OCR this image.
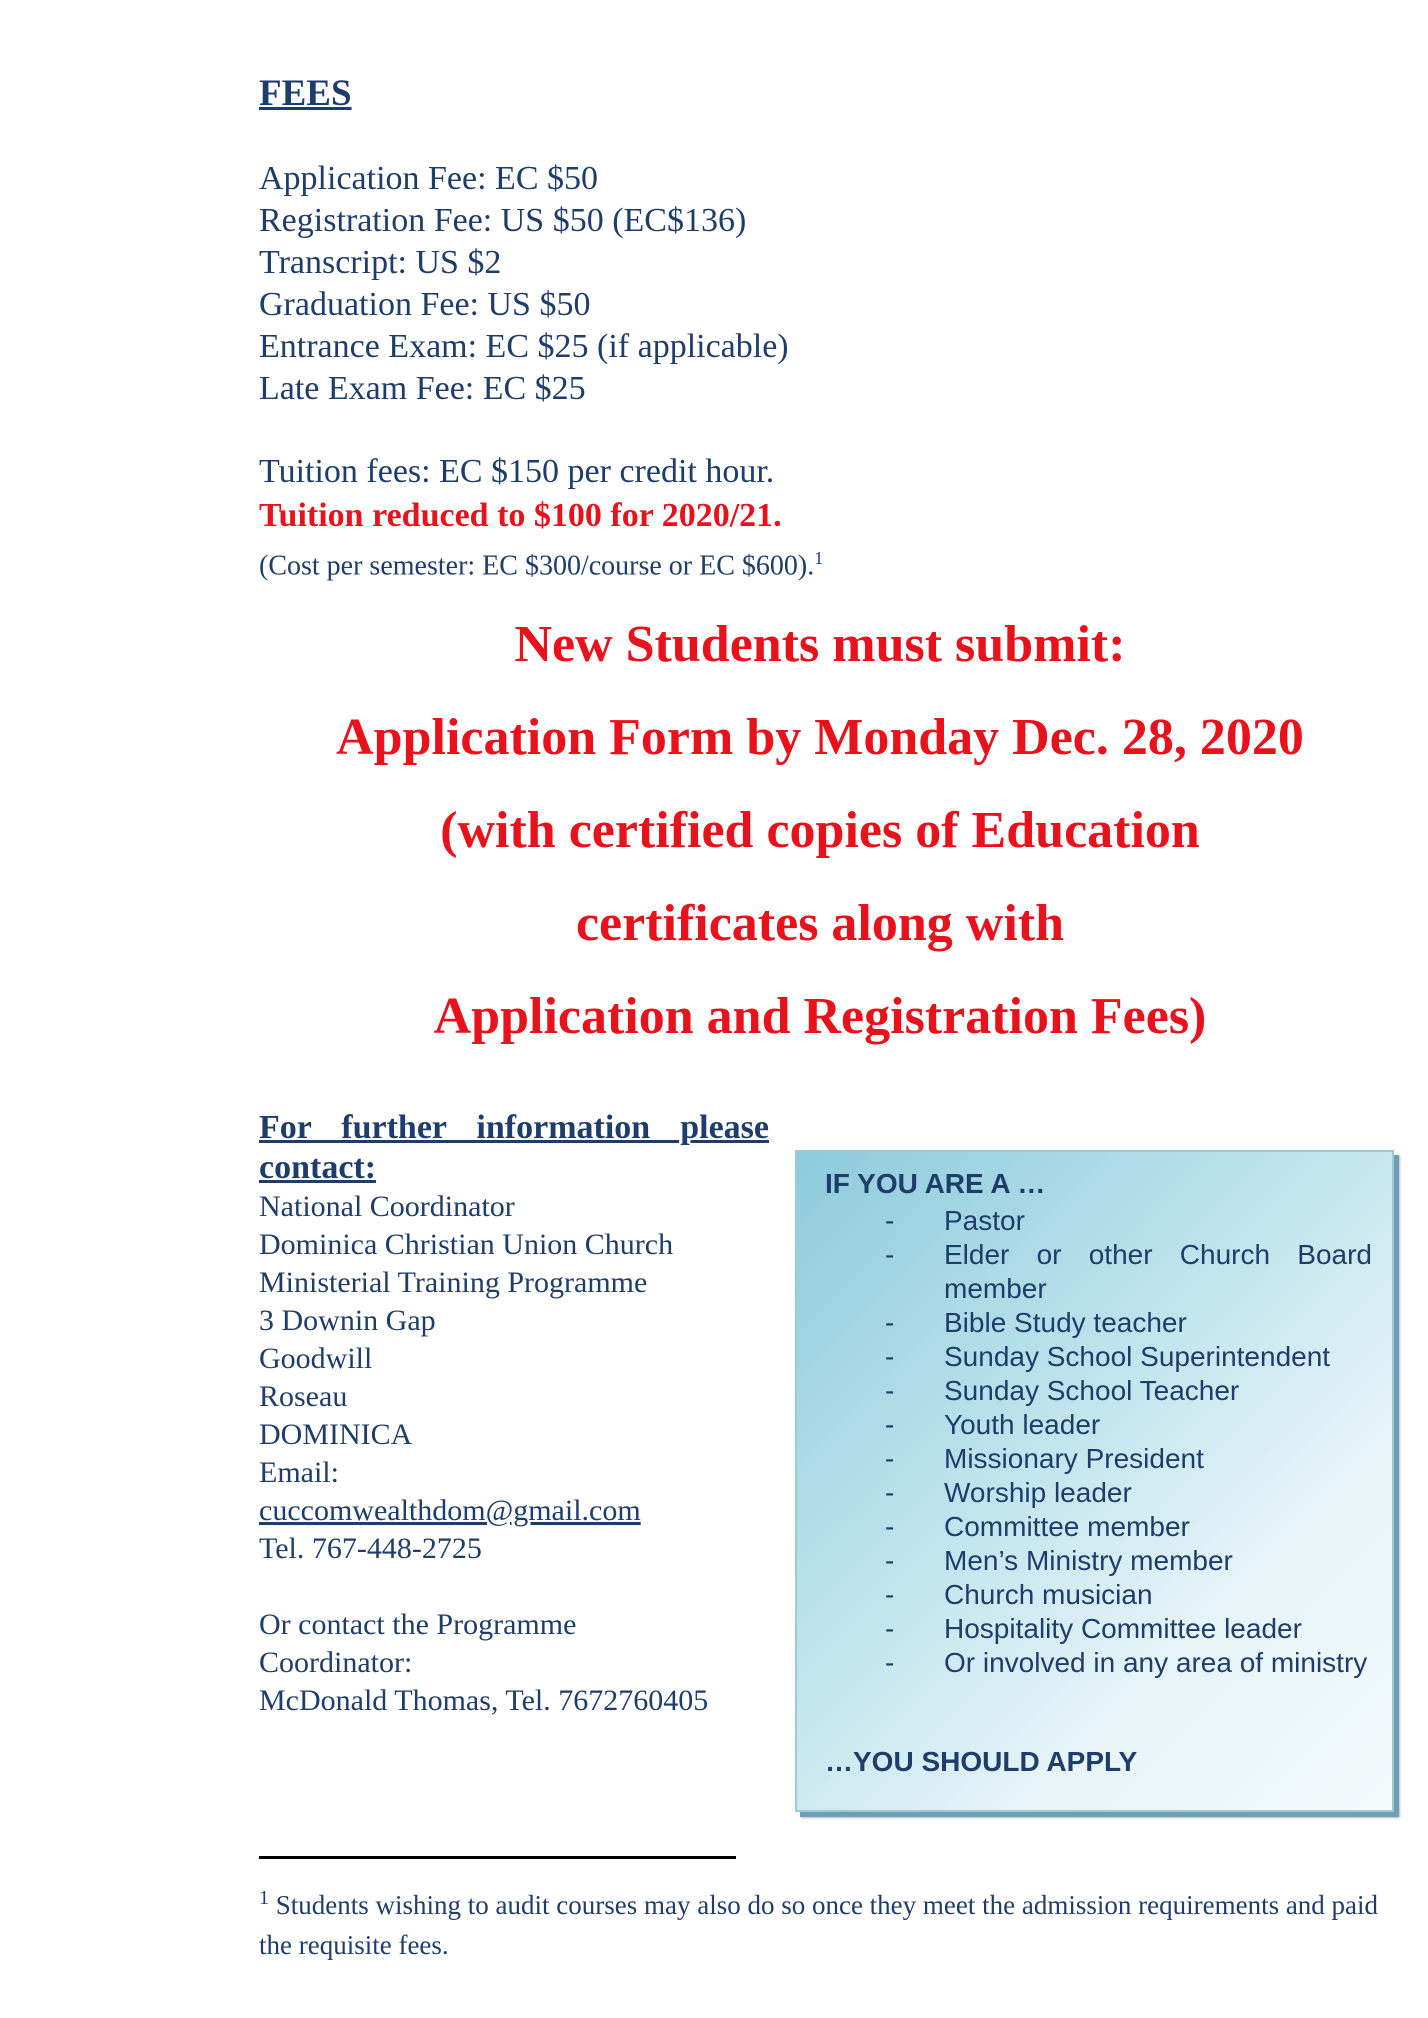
FEES
Application Fee: EC $50
Registration Fee: US $50 (EC$136)
Transcript: US $2
Graduation Fee: US $50
Entrance Exam: EC $25 (if applicable)
Late Exam Fee: EC $25
Tuition fees: EC $150 per credit hour.
Tuition reduced to $100 for 2020/21.
(Cost per semester: EC $300/course or EC $600).$^1$
New Students must submit:
Application Form by Monday Dec. 28, 2020
(with certified copies of Education
certificates along with
Application and Registration Fees)
For further information please
contact:
National Coordinator
Dominica Christian Union Church
Ministerial Training Programme
3 Downin Gap
Goodwill
Roseau
DOMINICA
Email:
cuccomwealthdom@gmail.com
Tel. 767-448-2725
Or contact the Programme
Coordinator:
McDonald Thomas, Tel. 7672760405
IF YOU ARE A …
- Pastor
- Elder or other Church Board member
- Bible Study teacher
- Sunday School Superintendent
- Sunday School Teacher
- Youth leader
- Missionary President
- Worship leader
- Committee member
- Men’s Ministry member
- Church musician
- Hospitality Committee leader
- Or involved in any area of ministry
…YOU SHOULD APPLY
$^1$ Students wishing to audit courses may also do so once they meet the admission requirements and paid the requisite fees.
